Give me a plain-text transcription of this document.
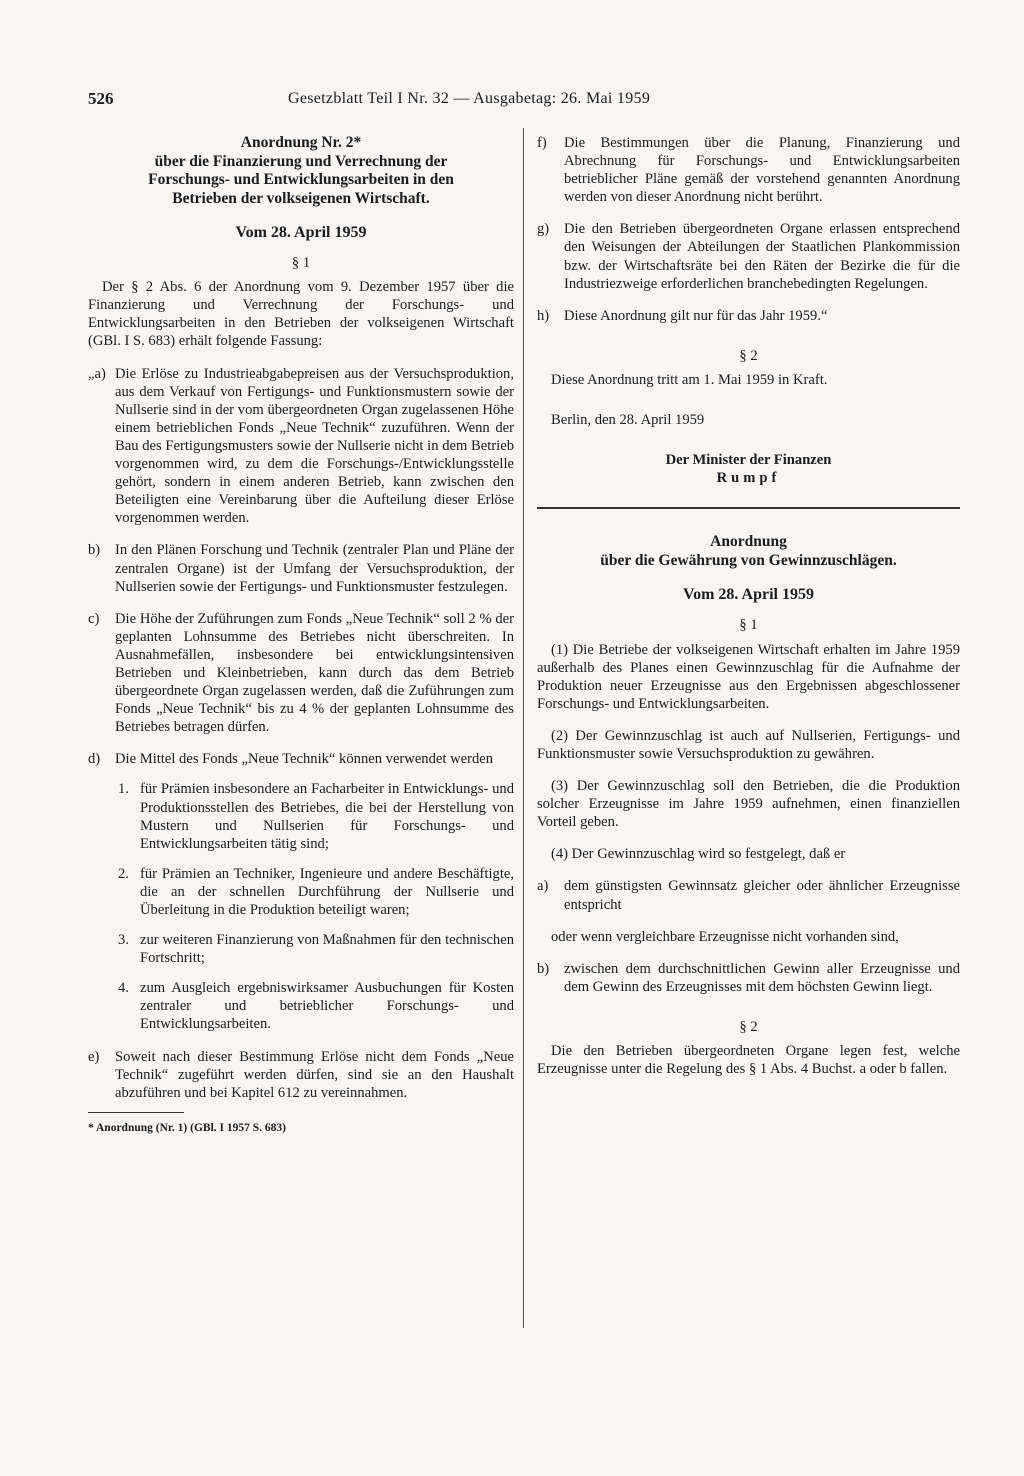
526	Gesetzblatt Teil I Nr. 32 — Ausgabetag: 26. Mai 1959
Anordnung Nr. 2*
über die Finanzierung und Verrechnung der
Forschungs- und Entwicklungsarbeiten in den
Betrieben der volkseigenen Wirtschaft.
Vom 28. April 1959
§ 1

Der § 2 Abs. 6 der Anordnung vom 9. Dezember 1957 über die Finanzierung und Verrechnung der Forschungs- und Entwicklungsarbeiten in den Betrieben der volkseigenen Wirtschaft (GBl. I S. 683) erhält folgende Fassung:

„a) Die Erlöse zu Industrieabgabepreisen aus der Versuchsproduktion, aus dem Verkauf von Fertigungs- und Funktionsmustern sowie der Nullserie sind in der vom übergeordneten Organ zugelassenen Höhe einem betrieblichen Fonds „Neue Technik“ zuzuführen. Wenn der Bau des Fertigungsmusters sowie der Nullserie nicht in dem Betrieb vorgenommen wird, zu dem die Forschungs-/Entwicklungsstelle gehört, sondern in einem anderen Betrieb, kann zwischen den Beteiligten eine Vereinbarung über die Aufteilung dieser Erlöse vorgenommen werden.
b)	In den Plänen Forschung und Technik (zentraler Plan und Pläne der zentralen Organe) ist der Umfang der Versuchsproduktion, der Nullserien sowie der Fertigungs- und Funktionsmuster festzulegen.
c)	Die Höhe der Zuführungen zum Fonds „Neue Technik“ soll 2 % der geplanten Lohnsumme des Betriebes nicht überschreiten. In Ausnahmefällen, insbesondere bei entwicklungsintensiven Betrieben und Kleinbetrieben, kann durch das dem Betrieb übergeordnete Organ zugelassen werden, daß die Zuführungen zum Fonds „Neue Technik“ bis zu 4 % der geplanten Lohnsumme des Betriebes betragen dürfen.
d)	Die Mittel des Fonds „Neue Technik“ können verwendet werden
1. für Prämien insbesondere an Facharbeiter in Entwicklungs- und Produktionsstellen des Betriebes, die bei der Herstellung von Mustern und Nullserien für Forschungs- und Entwicklungsarbeiten tätig sind;
2. für Prämien an Techniker, Ingenieure und andere Beschäftigte, die an der schnellen Durchführung der Nullserie und Überleitung in die Produktion beteiligt waren;
3. zur weiteren Finanzierung von Maßnahmen für den technischen Fortschritt;
4. zum Ausgleich ergebniswirksamer Ausbuchungen für Kosten zentraler und betrieblicher Forschungs- und Entwicklungsarbeiten.
e)	Soweit nach dieser Bestimmung Erlöse nicht dem Fonds „Neue Technik“ zugeführt werden dürfen, sind sie an den Haushalt abzuführen und bei Kapitel 612 zu vereinnahmen.
* Anordnung (Nr. 1) (GBl. I 1957 S. 683)
f)	Die Bestimmungen über die Planung, Finanzierung und Abrechnung für Forschungs- und Entwicklungsarbeiten betrieblicher Pläne gemäß der vorstehend genannten Anordnung werden von dieser Anordnung nicht berührt.
g)	Die den Betrieben übergeordneten Organe erlassen entsprechend den Weisungen der Abteilungen der Staatlichen Plankommission bzw. der Wirtschaftsräte bei den Räten der Bezirke die für die Industriezweige erforderlichen branchebedingten Regelungen.
h)	Diese Anordnung gilt nur für das Jahr 1959.“
§ 2

Diese Anordnung tritt am 1. Mai 1959 in Kraft.

Berlin, den 28. April 1959

Der Minister der Finanzen
Rumpf
Anordnung
über die Gewährung von Gewinnzuschlägen.
Vom 28. April 1959
§ 1

(1) Die Betriebe der volkseigenen Wirtschaft erhalten im Jahre 1959 außerhalb des Planes einen Gewinnzuschlag für die Aufnahme der Produktion neuer Erzeugnisse aus den Ergebnissen abgeschlossener Forschungs- und Entwicklungsarbeiten.

(2) Der Gewinnzuschlag ist auch auf Nullserien, Fertigungs- und Funktionsmuster sowie Versuchsproduktion zu gewähren.

(3) Der Gewinnzuschlag soll den Betrieben, die die Produktion solcher Erzeugnisse im Jahre 1959 aufnehmen, einen finanziellen Vorteil geben.

(4) Der Gewinnzuschlag wird so festgelegt, daß er

a)	dem günstigsten Gewinnsatz gleicher oder ähnlicher Erzeugnisse entspricht

oder wenn vergleichbare Erzeugnisse nicht vorhanden sind,

b)	zwischen dem durchschnittlichen Gewinn aller Erzeugnisse und dem Gewinn des Erzeugnisses mit dem höchsten Gewinn liegt.
§ 2

Die den Betrieben übergeordneten Organe legen fest, welche Erzeugnisse unter die Regelung des § 1 Abs. 4 Buchst. a oder b fallen.
